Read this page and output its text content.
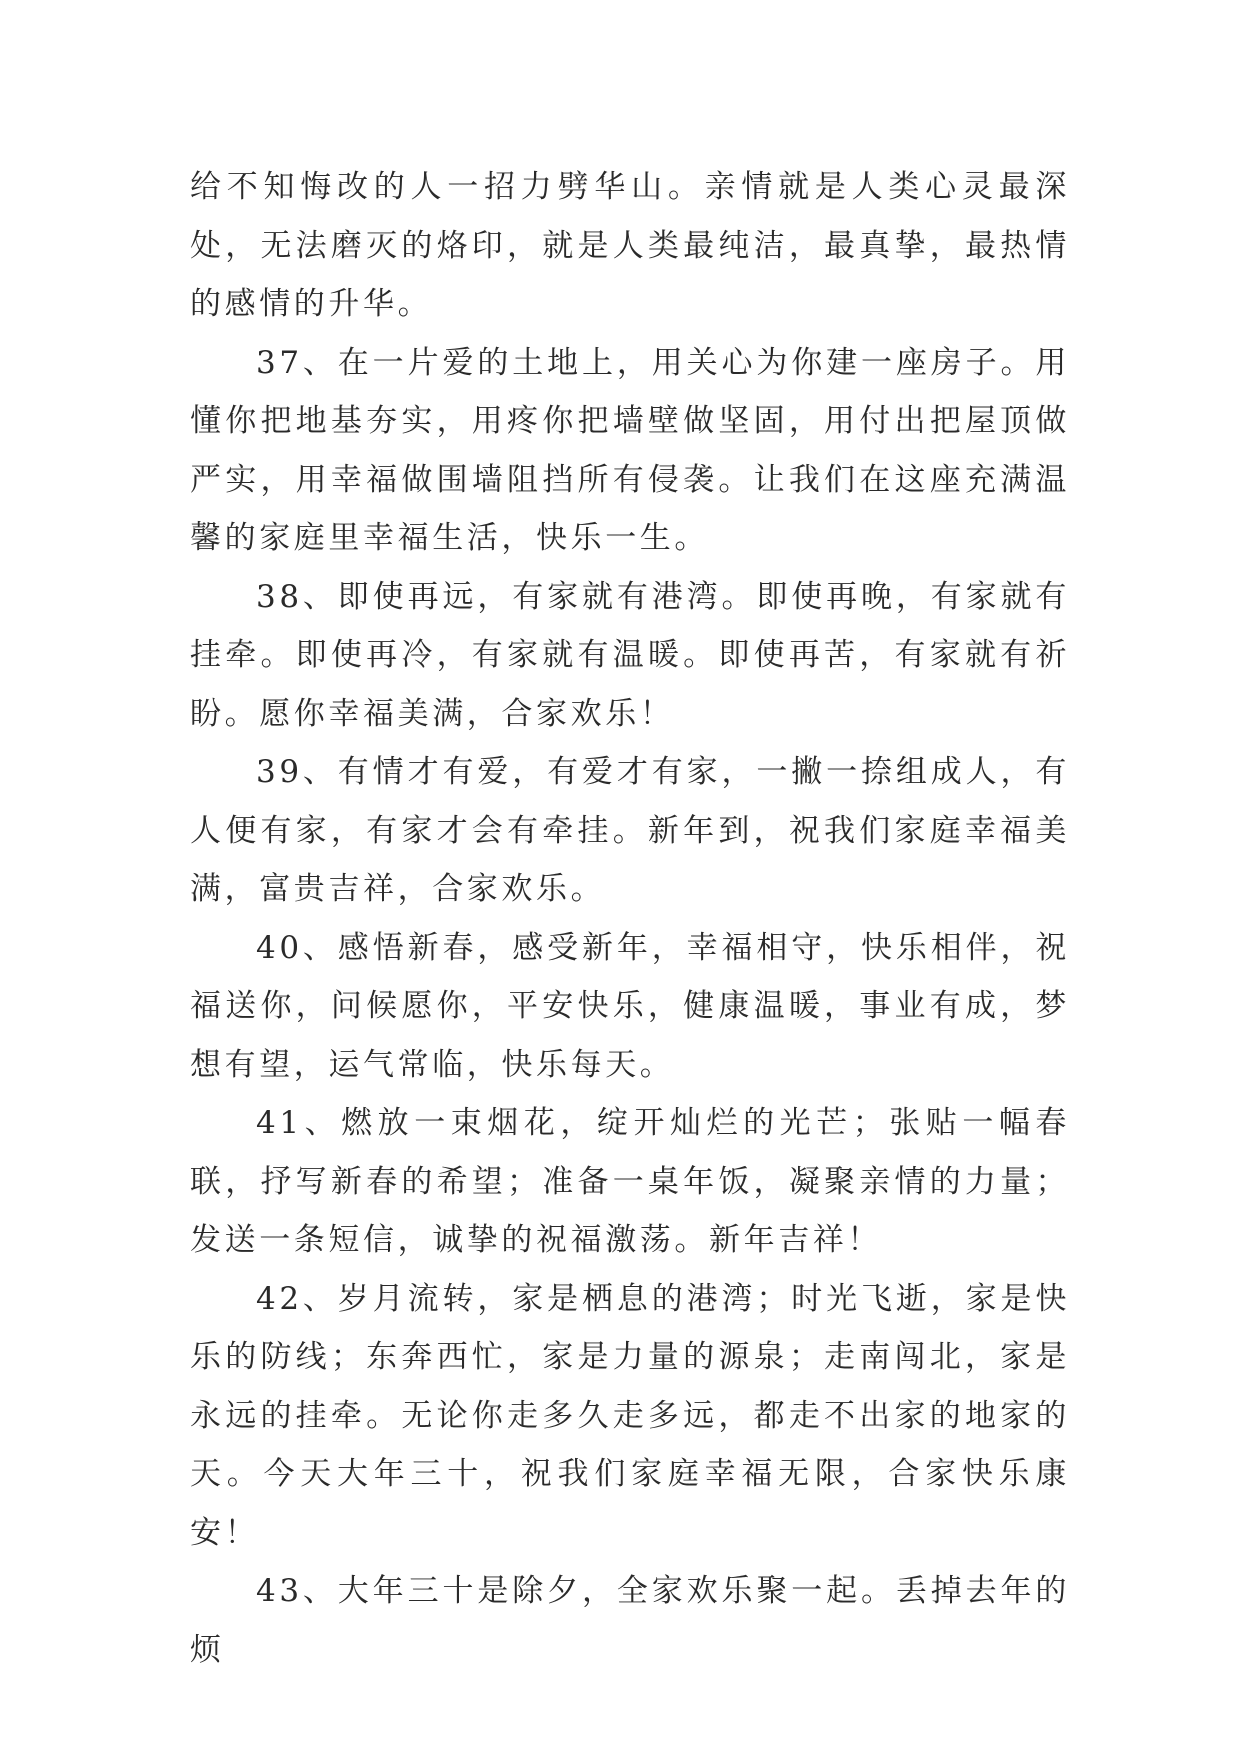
给不知悔改的人一招力劈华山。亲情就是人类心灵最深处，无法磨灭的烙印，就是人类最纯洁，最真挚，最热情的感情的升华。

37、在一片爱的土地上，用关心为你建一座房子。用懂你把地基夯实，用疼你把墙壁做坚固，用付出把屋顶做严实，用幸福做围墙阻挡所有侵袭。让我们在这座充满温馨的家庭里幸福生活，快乐一生。

38、即使再远，有家就有港湾。即使再晚，有家就有挂牵。即使再冷，有家就有温暖。即使再苦，有家就有祈盼。愿你幸福美满，合家欢乐！

39、有情才有爱，有爱才有家，一撇一捺组成人，有人便有家，有家才会有牵挂。新年到，祝我们家庭幸福美满，富贵吉祥，合家欢乐。

40、感悟新春，感受新年，幸福相守，快乐相伴，祝福送你，问候愿你，平安快乐，健康温暖，事业有成，梦想有望，运气常临，快乐每天。

41、燃放一束烟花，绽开灿烂的光芒；张贴一幅春联，抒写新春的希望；准备一桌年饭，凝聚亲情的力量；发送一条短信，诚挚的祝福激荡。新年吉祥！

42、岁月流转，家是栖息的港湾；时光飞逝，家是快乐的防线；东奔西忙，家是力量的源泉；走南闯北，家是永远的挂牵。无论你走多久走多远，都走不出家的地家的天。今天大年三十，祝我们家庭幸福无限，合家快乐康安！

43、大年三十是除夕，全家欢乐聚一起。丢掉去年的烦
